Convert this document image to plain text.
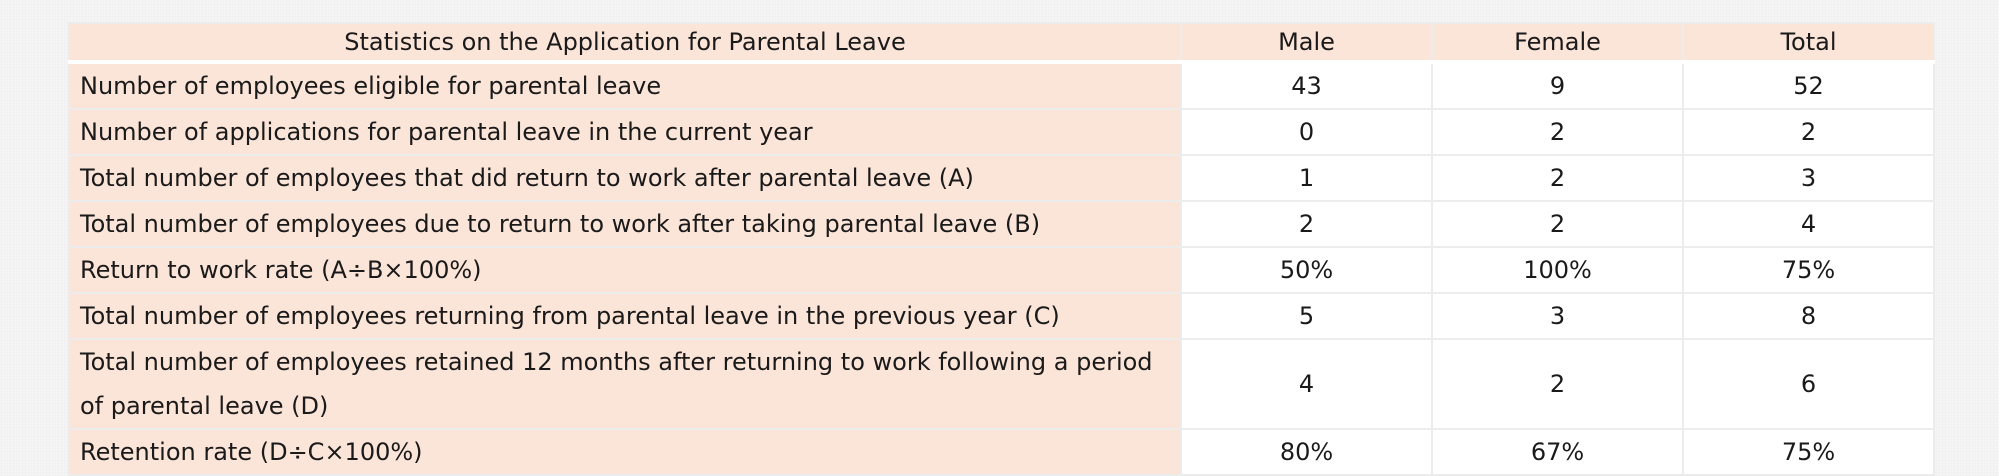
Statistics on the Application for Parental Leave	Male	Female	Total
Number of employees eligible for parental leave	43	9	52
Number of applications for parental leave in the current year	0	2	2
Total number of employees that did return to work after parental leave (A)	1	2	3
Total number of employees due to return to work after taking parental leave (B)	2	2	4
Return to work rate (A÷B×100%)	50%	100%	75%
Total number of employees returning from parental leave in the previous year (C)	5	3	8
Total number of employees retained 12 months after returning to work following a period of parental leave (D)	4	2	6
Retention rate (D÷C×100%)	80%	67%	75%
